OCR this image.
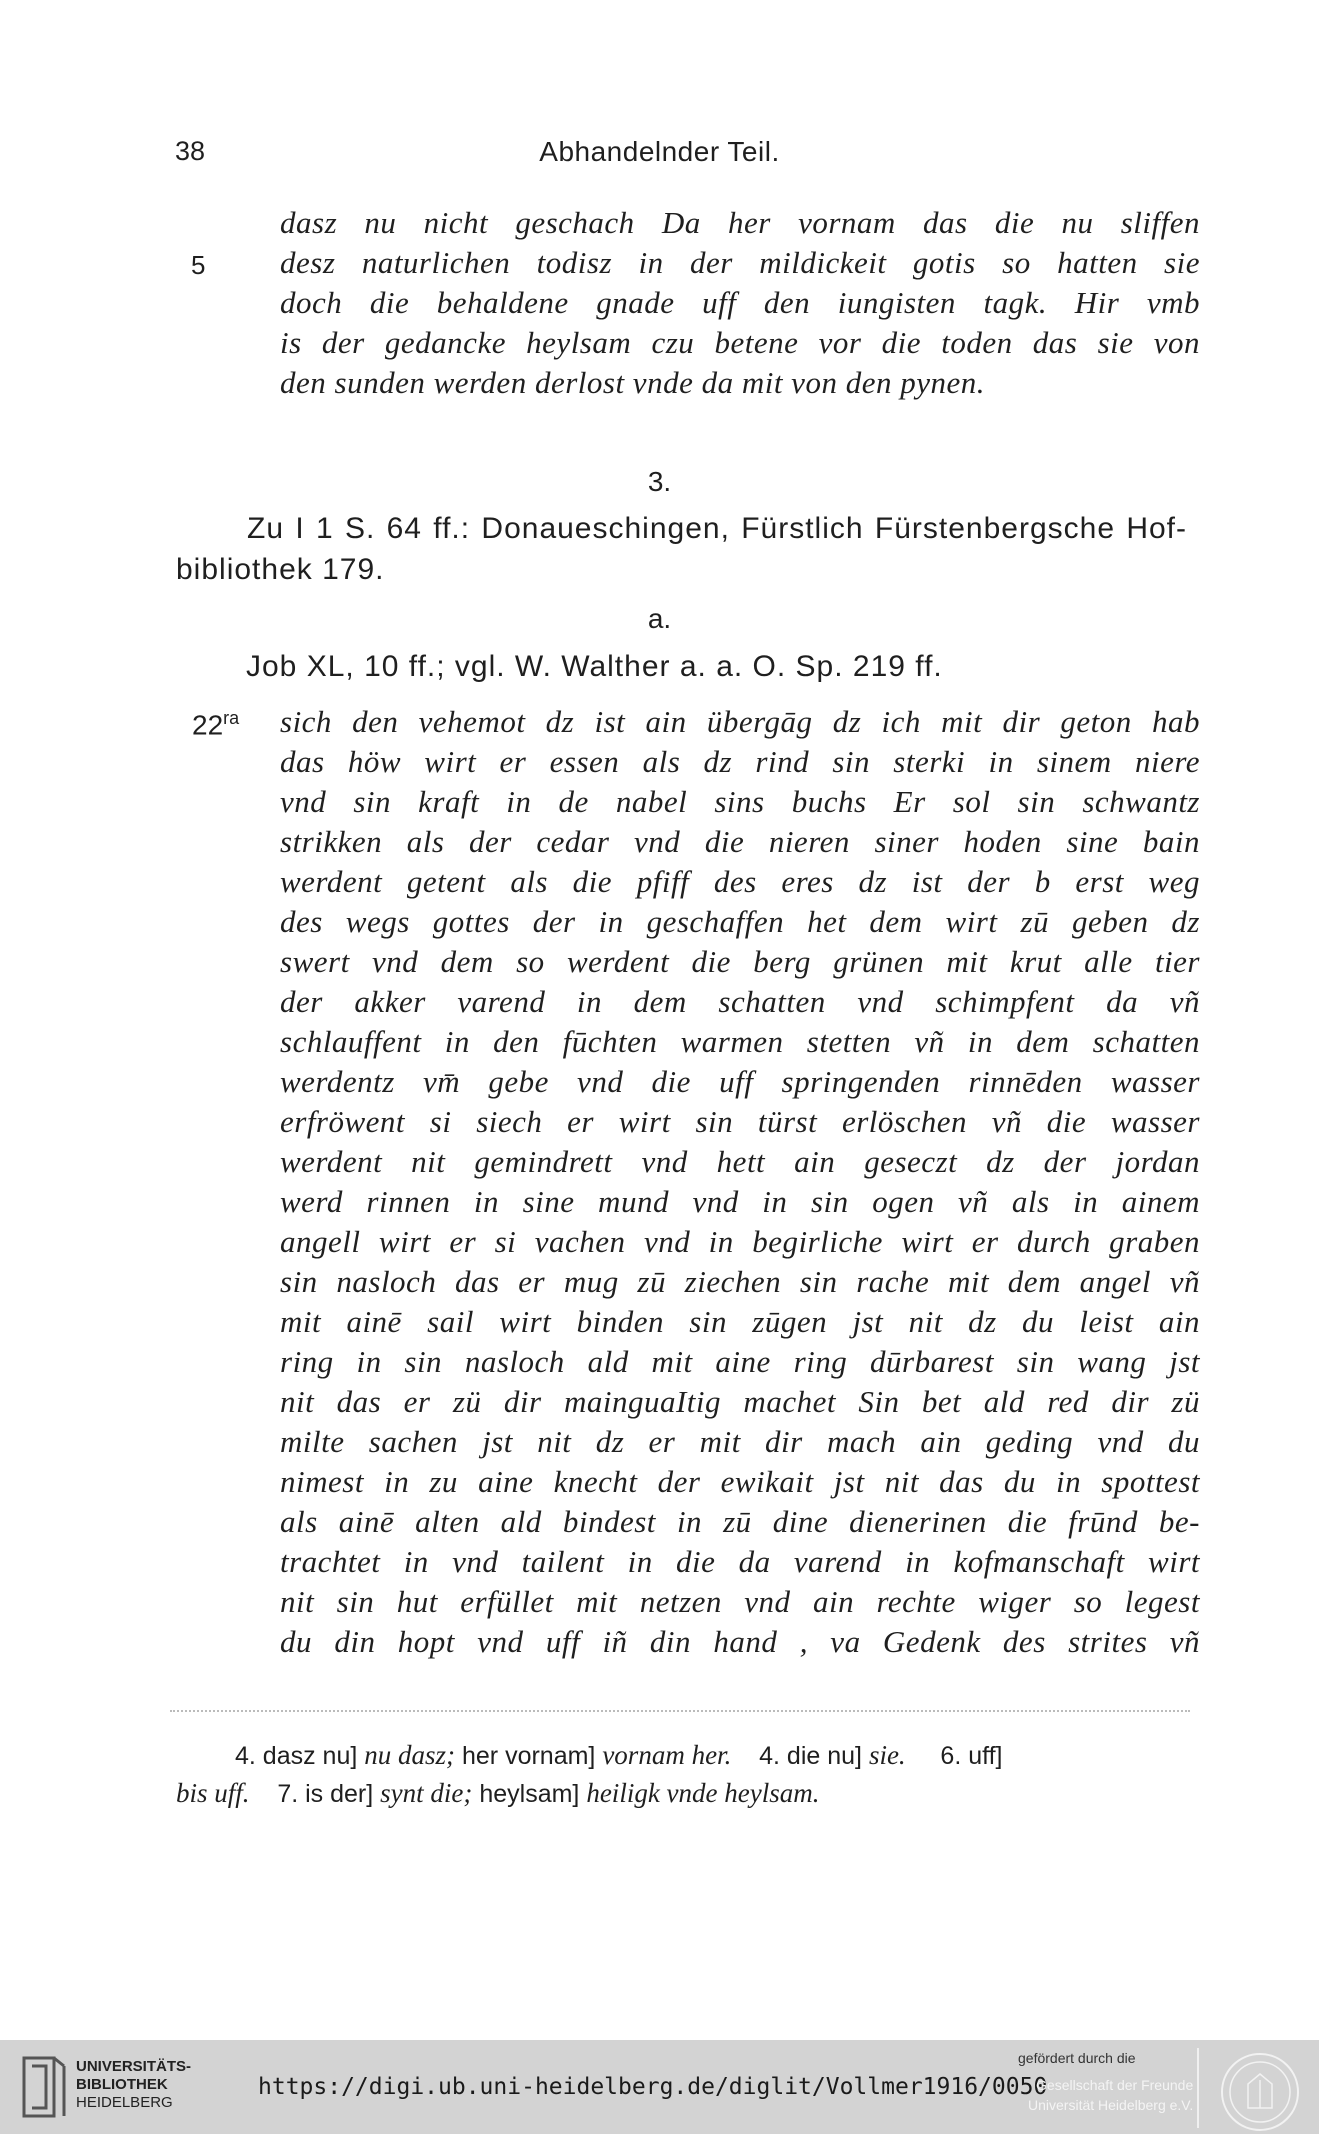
38	Abhandelnder Teil.
5
dasz nu nicht geschach Da her vornam das die nu sliffen
desz naturlichen todisz in der mildickeit gotis so hatten sie
doch die behaldene gnade uff den iungisten tagk. Hir vmb
is der gedancke heylsam czu betene vor die toden das sie von
den sunden werden derlost vnde da mit von den pynen.
3.
Zu I 1 S. 64 ff.: Donaueschingen, Fürstlich Fürstenbergsche Hof-
bibliothek 179.
a.
Job XL, 10 ff.; vgl. W. Walther a. a. O. Sp. 219 ff.
$22^{ra}$ sich den vehemot dz ist ain übergāg dz ich mit dir geton hab
das höw wirt er essen als dz rind sin sterki in sinem niere
vnd sin kraft in de nabel sins buchs Er sol sin schwantz
strikken als der cedar vnd die nieren siner hoden sine bain
werdent getent als die pfiff des eres dz ist der b erst weg
des wegs gottes der in geschaffen het dem wirt zū geben dz
swert vnd dem so werdent die berg grünen mit krut alle tier
der akker varend in dem schatten vnd schimpfent da vñ
schlauffent in den fūchten warmen stetten vñ in dem schatten
werdentz vm̄ gebe vnd die uff springenden rinnēden wasser
erfröwent si siech er wirt sin türst erlöschen vñ die wasser
werdent nit gemindrett vnd hett ain geseczt dz der jordan
werd rinnen in sine mund vnd in sin ogen vñ als in ainem
angell wirt er si vachen vnd in begirliche wirt er durch graben
sin nasloch das er mug zū ziechen sin rache mit dem angel vñ
mit ainē sail wirt binden sin zūgen jst nit dz du leist ain
ring in sin nasloch ald mit aine ring dūrbarest sin wang jst
nit das er zü dir mainguaItig machet Sin bet ald red dir zü
milte sachen jst nit dz er mit dir mach ain geding vnd du
nimest in zu aine knecht der ewikait jst nit das du in spottest
als ainē alten ald bindest in zū dine dienerinen die frūnd be-
trachtet in vnd tailent in die da varend in kofmanschaft wirt
nit sin hut erfüllet mit netzen vnd ain rechte wiger so legest
du din hopt vnd uff iñ din hand , va Gedenk des strites vñ
4. dasz nu] nu dasz; her vornam] vornam her. 4. die nu] sie. 6. uff]
bis uff. 7. is der] synt die; heylsam] heiligk vnde heylsam.
UNIVERSITÄTS-
BIBLIOTHEK
HEIDELBERG
https://digi.ub.uni-heidelberg.de/diglit/Vollmer1916/0050
gefördert durch die
Gesellschaft der Freunde
Universität Heidelberg e.V.
